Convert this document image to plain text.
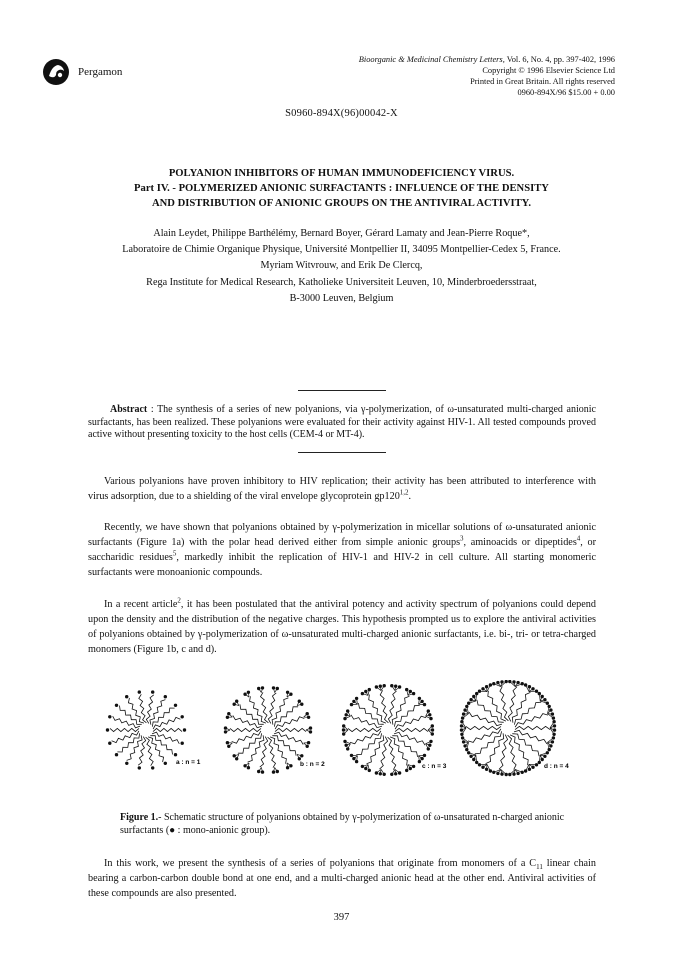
Pergamon
Bioorganic & Medicinal Chemistry Letters, Vol. 6, No. 4, pp. 397-402, 1996
Copyright © 1996 Elsevier Science Ltd
Printed in Great Britain. All rights reserved
0960-894X/96 $15.00 + 0.00
S0960-894X(96)00042-X
POLYANION INHIBITORS OF HUMAN IMMUNODEFICIENCY VIRUS.
Part IV. - POLYMERIZED ANIONIC SURFACTANTS : INFLUENCE OF THE DENSITY
AND DISTRIBUTION OF ANIONIC GROUPS ON THE ANTIVIRAL ACTIVITY.
Alain Leydet, Philippe Barthélémy, Bernard Boyer, Gérard Lamaty and Jean-Pierre Roque*,
Laboratoire de Chimie Organique Physique, Université Montpellier II, 34095 Montpellier-Cedex 5, France.
Myriam Witvrouw, and Erik De Clercq,
Rega Institute for Medical Research, Katholieke Universiteit Leuven, 10, Minderbroedersstraat,
B-3000 Leuven, Belgium
Abstract : The synthesis of a series of new polyanions, via γ-polymerization, of ω-unsaturated multi-charged anionic surfactants, has been realized. These polyanions were evaluated for their activity against HIV-1. All tested compounds proved active without presenting toxicity to the host cells (CEM-4 or MT-4).
Various polyanions have proven inhibitory to HIV replication; their activity has been attributed to interference with virus adsorption, due to a shielding of the viral envelope glycoprotein gp120$^{1,2}$.
Recently, we have shown that polyanions obtained by γ-polymerization in micellar solutions of ω-unsaturated anionic surfactants (Figure 1a) with the polar head derived either from simple anionic groups$^3$, aminoacids or dipeptides$^4$, or saccharidic residues$^5$, markedly inhibit the replication of HIV-1 and HIV-2 in cell culture. All starting monomeric surfactants were monoanionic compounds.
In a recent article$^2$, it has been postulated that the antiviral potency and activity spectrum of polyanions could depend upon the density and the distribution of the negative charges. This hypothesis prompted us to explore the antiviral activities of polyanions obtained by γ-polymerization of ω-unsaturated multi-charged anionic surfactants, i.e. bi-, tri- or tetra-charged monomers (Figure 1b, c and d).
a : n = 1	b : n = 2	c : n = 3	d : n = 4
Figure 1.- Schematic structure of polyanions obtained by γ-polymerization of ω-unsaturated n-charged anionic surfactants (● : mono-anionic group).
In this work, we present the synthesis of a series of polyanions that originate from monomers of a $C_{11}$ linear chain bearing a carbon-carbon double bond at one end, and a multi-charged anionic head at the other end. Antiviral activities of these compounds are also presented.
397
